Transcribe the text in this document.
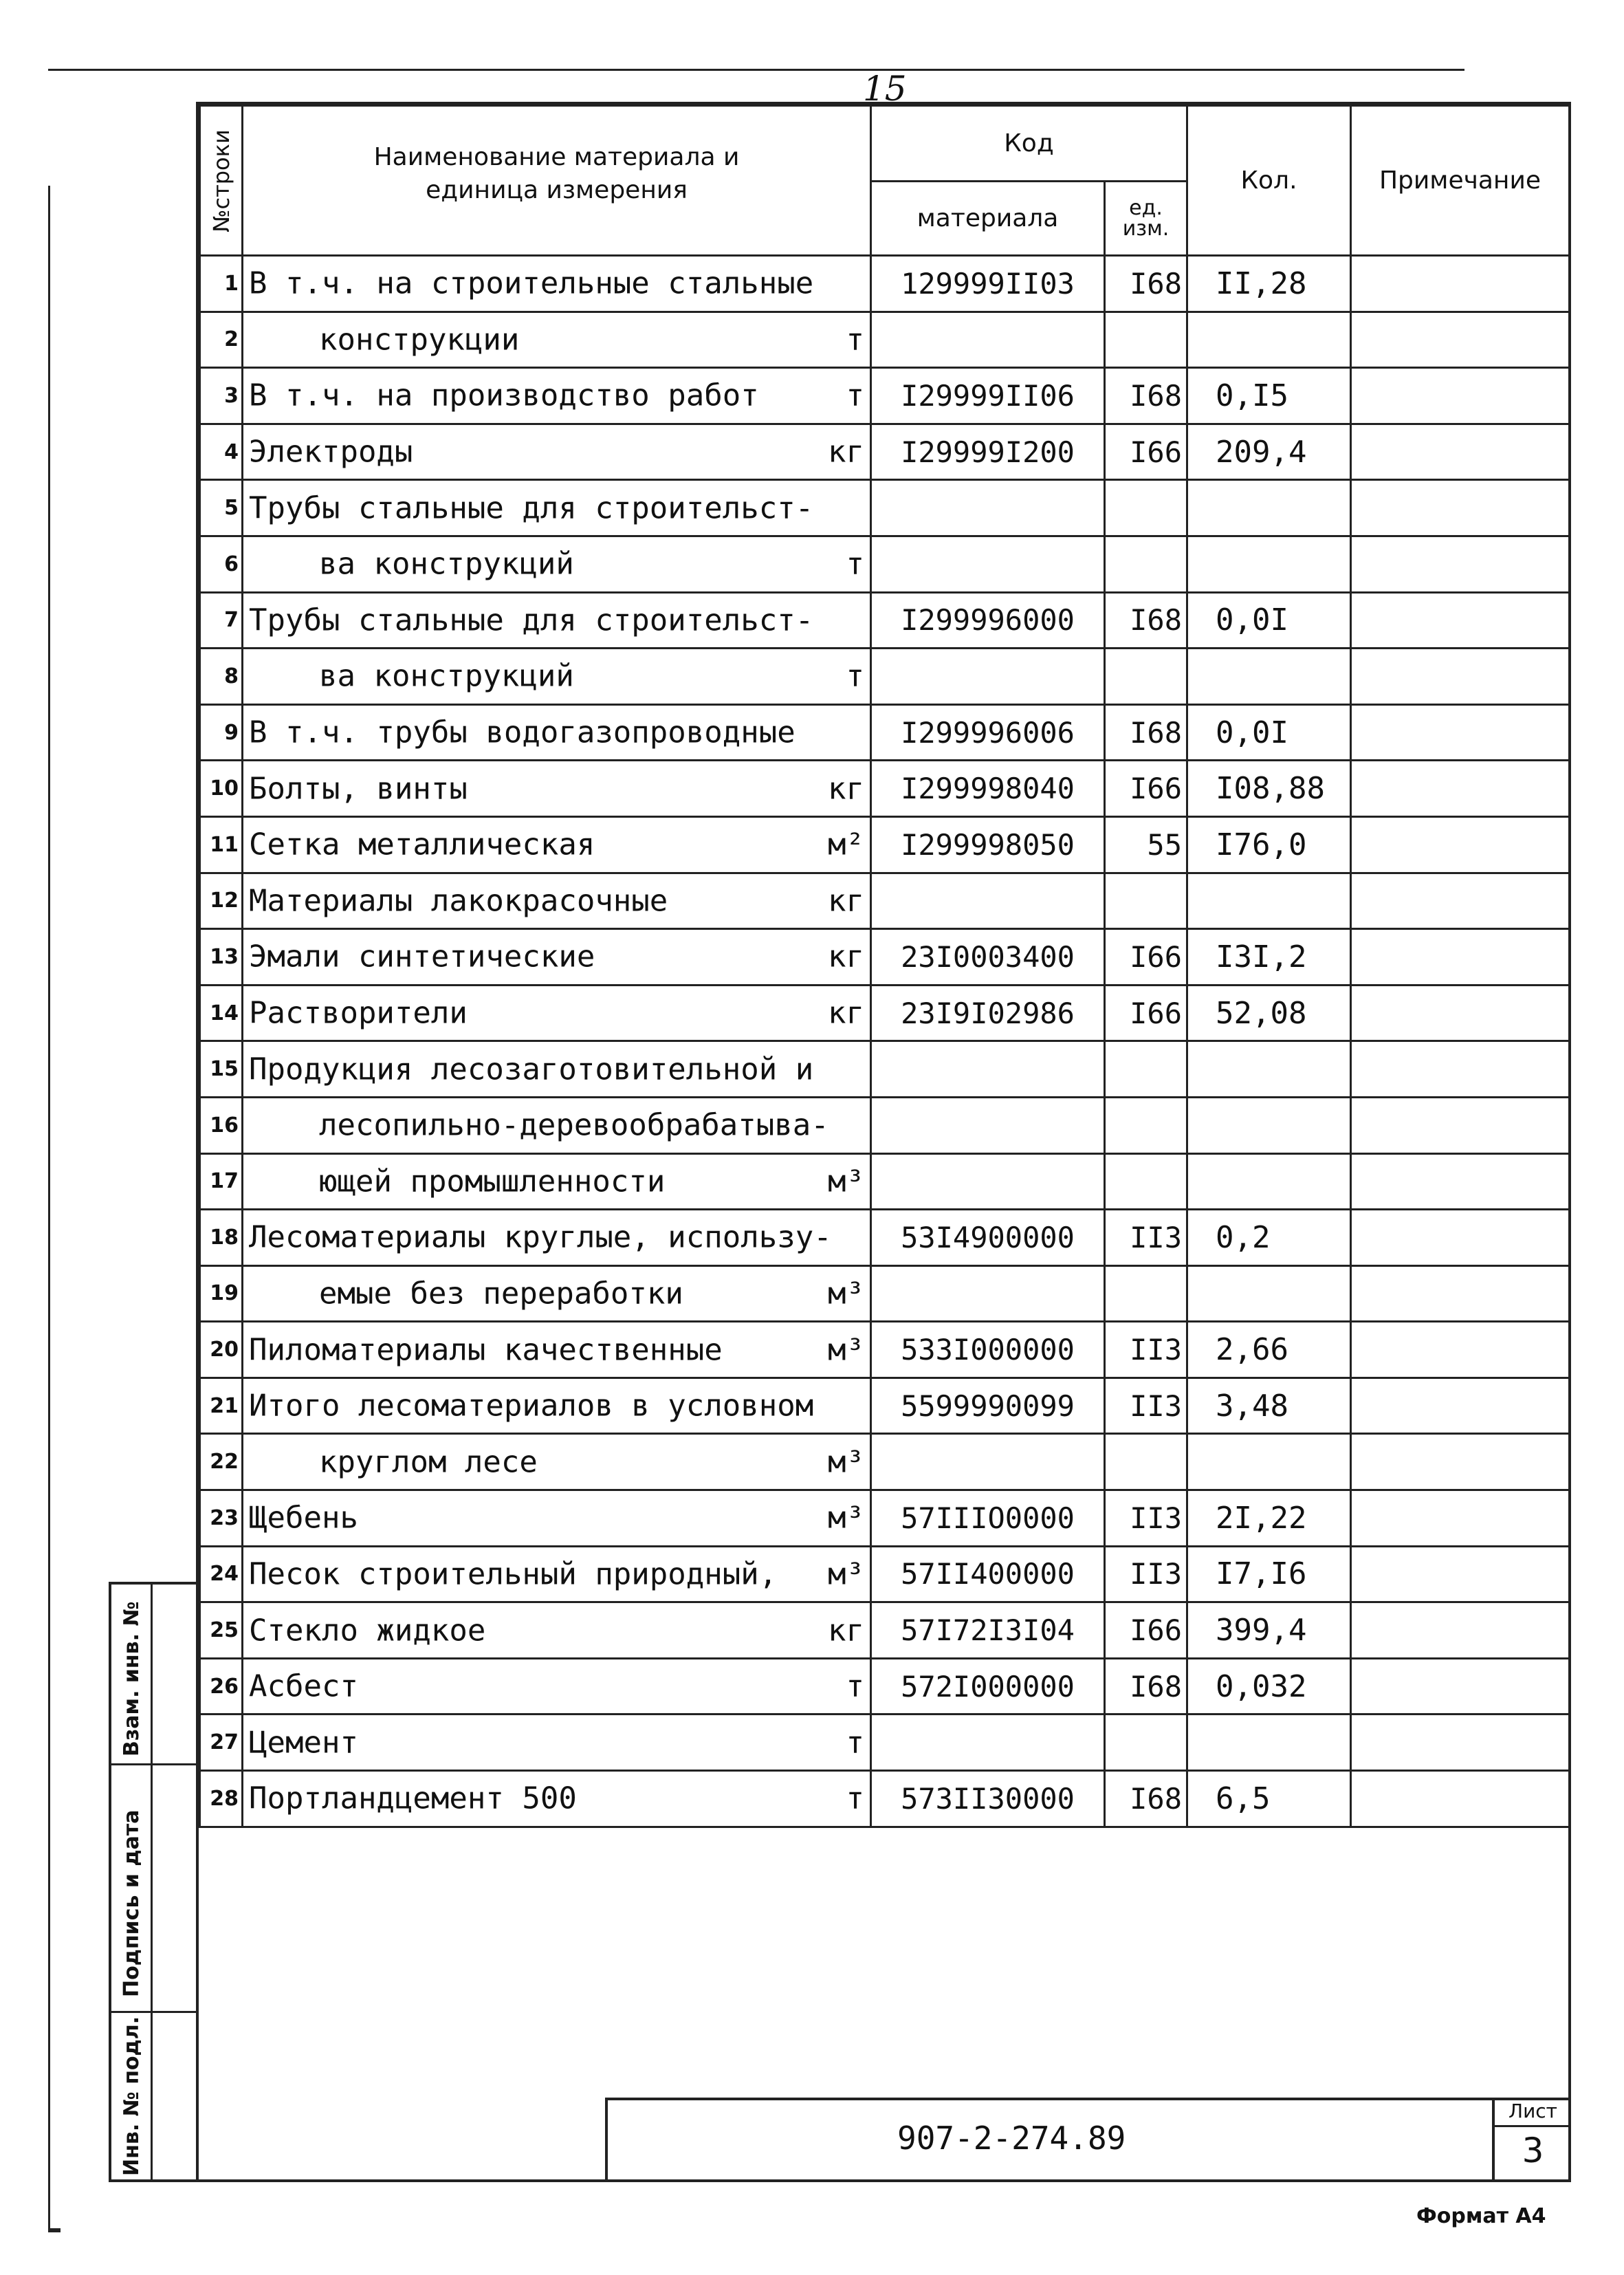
15
№строки	Наименование материала и единица измерения	Код		Кол.	Примечание
		материала	ед. изм.		
1	В т.ч. на строительные стальные	129999II03	I68	II,28	
2	конструкции т				

3	В т.ч. на производство работ т	I29999II06	I68	0,I5	
4	Электроды кг	I29999I200	I66	209,4	
5	Трубы стальные для строительст-				

6	ва конструкций т				

7	Трубы стальные для строительст-	I299996000	I68	0,0I	
8	ва конструкций т				

9	В т.ч. трубы водогазопроводные	I299996006	I68	0,0I	
10	Болты, винты кг	I299998040	I66	I08,88	
11	Сетка металлическая м²	I299998050	55	I76,0	
12	Материалы лакокрасочные кг				

13	Эмали синтетические кг	23I0003400	I66	I3I,2	
14	Растворители кг	23I9I02986	I66	52,08	
15	Продукция лесозаготовительной и				

16	лесопильно-деревообрабатыва-				

17	ющей промышленности м³				

18	Лесоматериалы круглые, использу-	53I4900000	II3	0,2	
19	емые без переработки м³				

20	Пиломатериалы качественные м³	533I000000	II3	2,66	
21	Итого лесоматериалов в условном	5599990099	II3	3,48	
22	круглом лесе м³				

23	Щебень м³	57IIIO0000	II3	2I,22	
24	Песок строительный природный, м³	57II400000	II3	I7,I6	
25	Стекло жидкое кг	57I72I3I04	I66	399,4	
26	Асбест т	572I000000	I68	0,032	
27	Цемент т				

28	Портландцемент 500 т	573II30000	I68	6,5	
Взам. инв. №
Подпись и дата
Инв. № подл.	907-2-274.89
Лист
3
Формат А4
